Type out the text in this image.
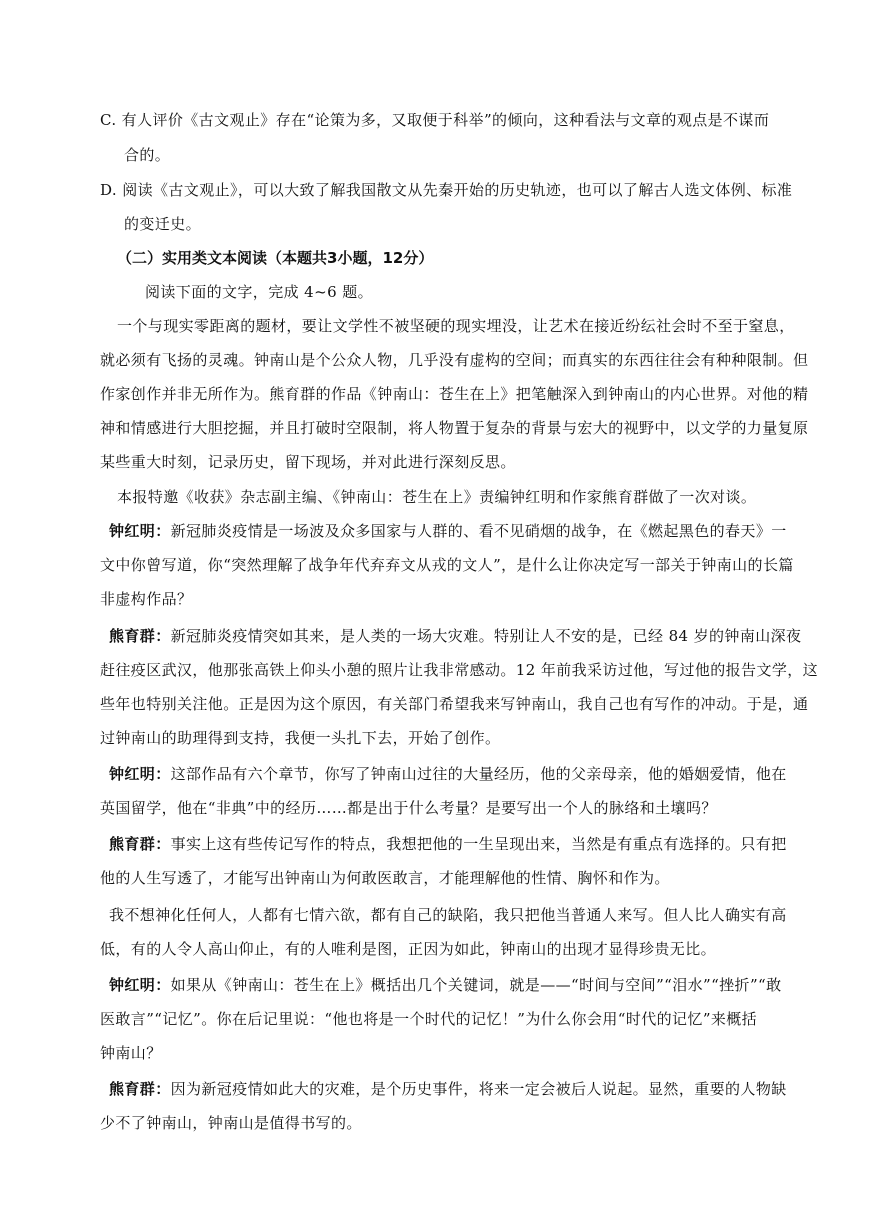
C. 有人评价《古文观止》存在“论策为多，又取便于科举”的倾向，这种看法与文章的观点是不谋而
合的。
D. 阅读《古文观止》，可以大致了解我国散文从先秦开始的历史轨迹，也可以了解古人选文体例、标准
的变迁史。
（二）实用类文本阅读（本题共3小题，12分）
阅读下面的文字，完成 4~6 题。
一个与现实零距离的题材，要让文学性不被坚硬的现实埋没，让艺术在接近纷纭社会时不至于窒息，
就必须有飞扬的灵魂。钟南山是个公众人物，几乎没有虚构的空间；而真实的东西往往会有种种限制。但
作家创作并非无所作为。熊育群的作品《钟南山：苍生在上》把笔触深入到钟南山的内心世界。对他的精
神和情感进行大胆挖掘，并且打破时空限制，将人物置于复杂的背景与宏大的视野中，以文学的力量复原
某些重大时刻，记录历史，留下现场，并对此进行深刻反思。
本报特邀《收获》杂志副主编、《钟南山：苍生在上》责编钟红明和作家熊育群做了一次对谈。
钟红明：新冠肺炎疫情是一场波及众多国家与人群的、看不见硝烟的战争，在《燃起黑色的春天》一
文中你曾写道，你“突然理解了战争年代弃弃文从戎的文人”，是什么让你决定写一部关于钟南山的长篇
非虚构作品？
熊育群：新冠肺炎疫情突如其来，是人类的一场大灾难。特别让人不安的是，已经 84 岁的钟南山深夜
赶往疫区武汉，他那张高铁上仰头小憩的照片让我非常感动。12 年前我采访过他，写过他的报告文学，这
些年也特别关注他。正是因为这个原因，有关部门希望我来写钟南山，我自己也有写作的冲动。于是，通
过钟南山的助理得到支持，我便一头扎下去，开始了创作。
钟红明：这部作品有六个章节，你写了钟南山过往的大量经历，他的父亲母亲，他的婚姻爱情，他在
英国留学，他在“非典”中的经历……都是出于什么考量？是要写出一个人的脉络和土壤吗？
熊育群：事实上这有些传记写作的特点，我想把他的一生呈现出来，当然是有重点有选择的。只有把
他的人生写透了，才能写出钟南山为何敢医敢言，才能理解他的性情、胸怀和作为。
我不想神化任何人，人都有七情六欲，都有自己的缺陷，我只把他当普通人来写。但人比人确实有高
低，有的人令人高山仰止，有的人唯利是图，正因为如此，钟南山的出现才显得珍贵无比。
钟红明：如果从《钟南山：苍生在上》概括出几个关键词，就是——“时间与空间”“泪水”“挫折”“敢
医敢言”“记忆”。你在后记里说：“他也将是一个时代的记忆！”为什么你会用“时代的记忆”来概括
钟南山？
熊育群：因为新冠疫情如此大的灾难，是个历史事件，将来一定会被后人说起。显然，重要的人物缺
少不了钟南山，钟南山是值得书写的。
